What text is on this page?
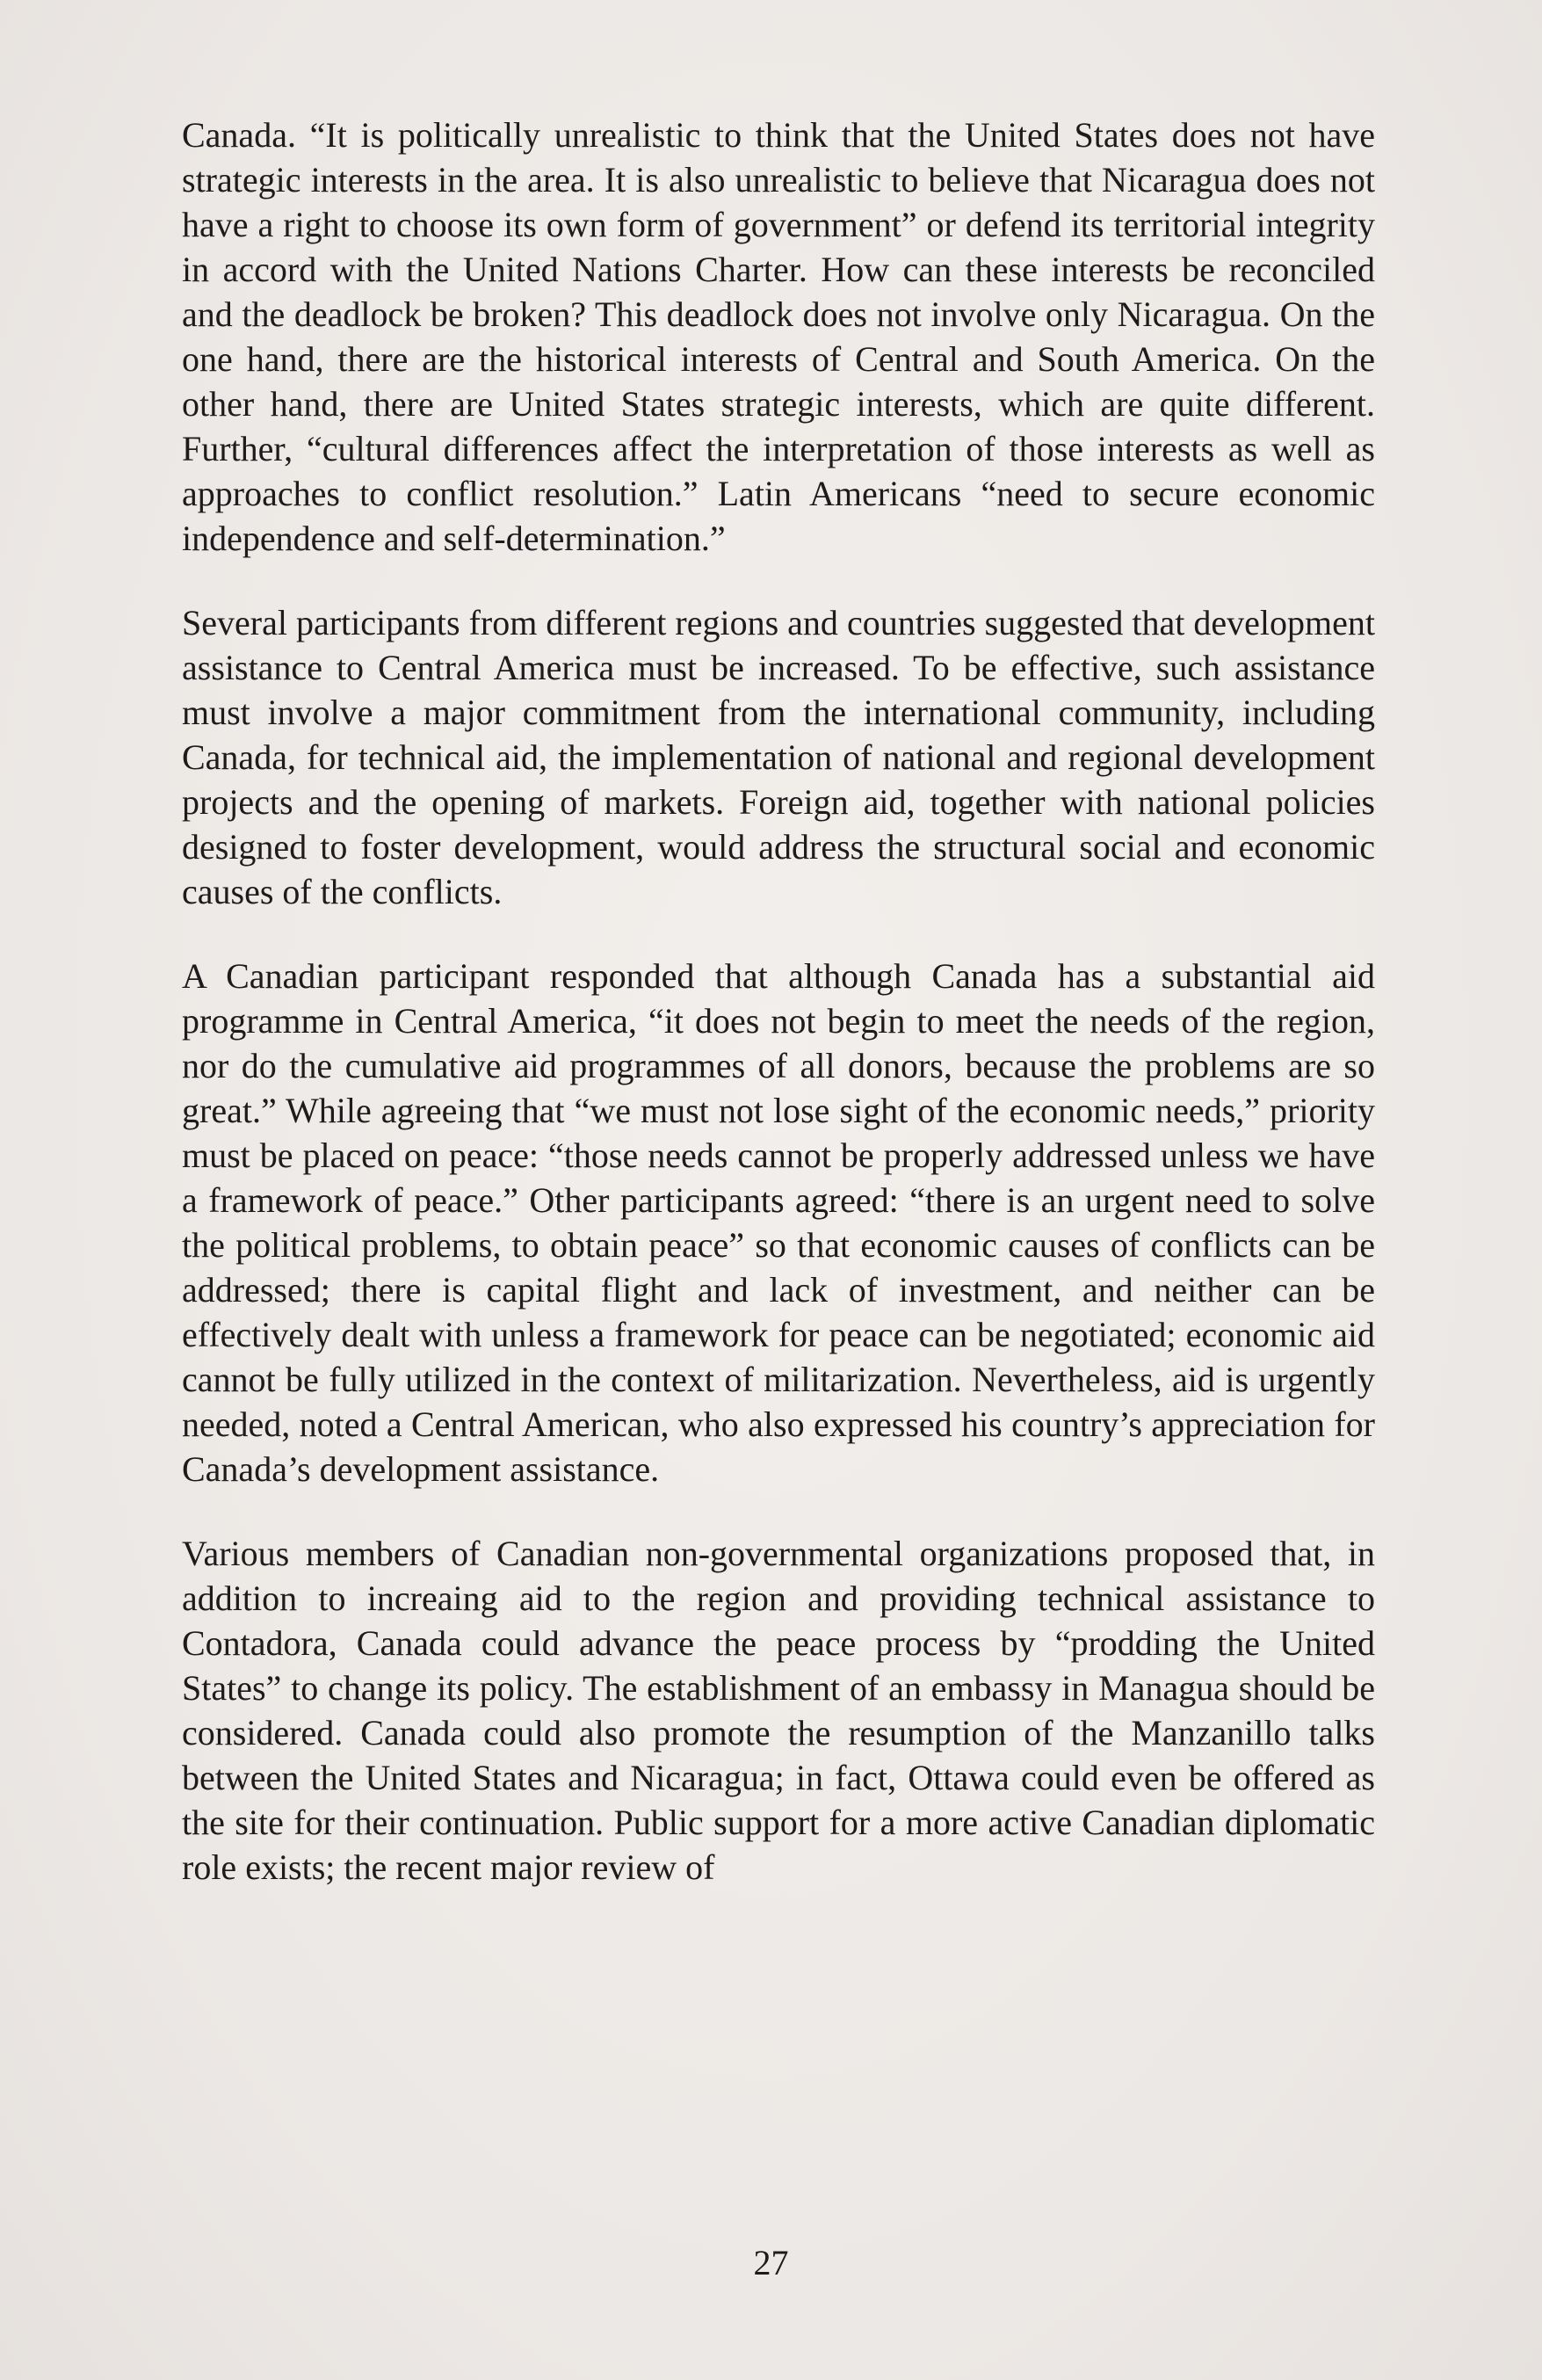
Canada. “It is politically unrealistic to think that the United States does not have strategic interests in the area. It is also unrealistic to believe that Nicaragua does not have a right to choose its own form of government” or defend its territorial integrity in accord with the United Nations Charter. How can these interests be reconciled and the deadlock be broken? This deadlock does not involve only Nicaragua. On the one hand, there are the historical interests of Central and South America. On the other hand, there are United States strategic interests, which are quite different. Further, “cultural differences affect the interpretation of those interests as well as approaches to conflict resolution.” Latin Americans “need to secure economic independence and self-determination.”

Several participants from different regions and countries suggested that development assistance to Central America must be increased. To be effective, such assistance must involve a major commitment from the international community, including Canada, for technical aid, the implementation of national and regional development projects and the opening of markets. Foreign aid, together with national policies designed to foster development, would address the structural social and economic causes of the conflicts.

A Canadian participant responded that although Canada has a substantial aid programme in Central America, “it does not begin to meet the needs of the region, nor do the cumulative aid programmes of all donors, because the problems are so great.” While agreeing that “we must not lose sight of the economic needs,” priority must be placed on peace: “those needs cannot be properly addressed unless we have a framework of peace.” Other participants agreed: “there is an urgent need to solve the political problems, to obtain peace” so that economic causes of conflicts can be addressed; there is capital flight and lack of investment, and neither can be effectively dealt with unless a framework for peace can be negotiated; economic aid cannot be fully utilized in the context of militarization. Nevertheless, aid is urgently needed, noted a Central American, who also expressed his country’s appreciation for Canada’s development assistance.

Various members of Canadian non-governmental organizations proposed that, in addition to increaing aid to the region and providing technical assistance to Contadora, Canada could advance the peace process by “prodding the United States” to change its policy. The establishment of an embassy in Managua should be considered. Canada could also promote the resumption of the Manzanillo talks between the United States and Nicaragua; in fact, Ottawa could even be offered as the site for their continuation. Public support for a more active Canadian diplomatic role exists; the recent major review of

27
